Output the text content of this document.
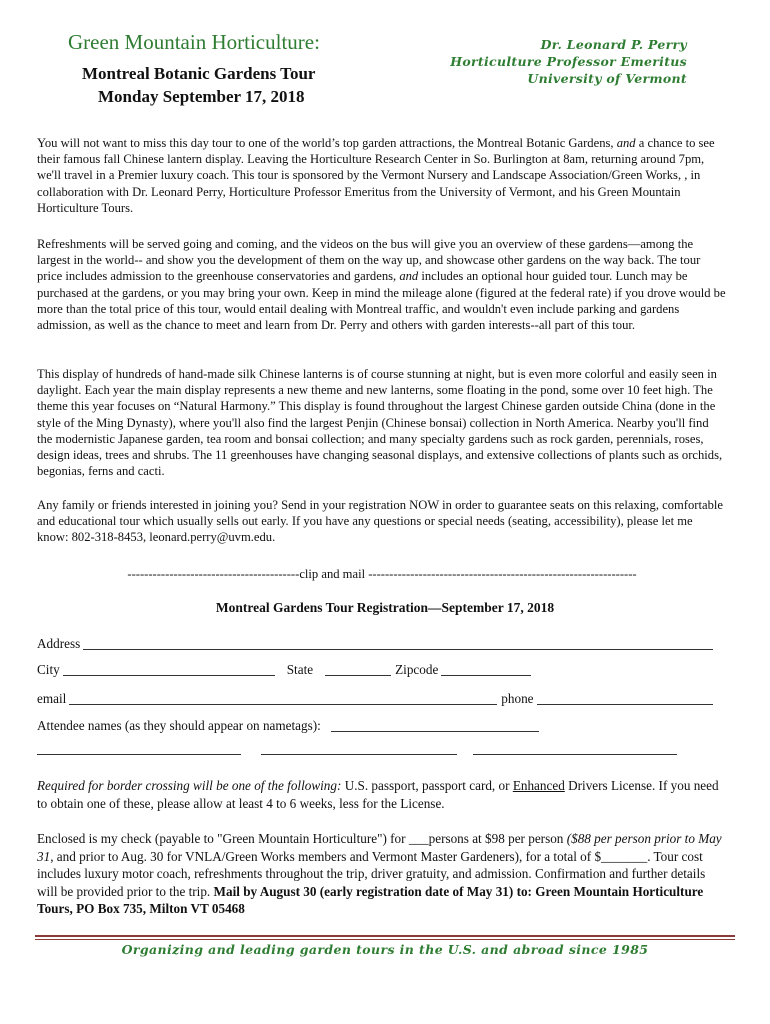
Green Mountain Horticulture:
Montreal Botanic Gardens Tour
Monday September 17, 2018
Dr. Leonard P. Perry
Horticulture Professor Emeritus
University of Vermont

You will not want to miss this day tour to one of the world’s top garden attractions, the Montreal Botanic Gardens, and a chance to see their famous fall Chinese lantern display. Leaving the Horticulture Research Center in So. Burlington at 8am, returning around 7pm, we'll travel in a Premier luxury coach. This tour is sponsored by the Vermont Nursery and Landscape Association/Green Works, , in collaboration with Dr. Leonard Perry, Horticulture Professor Emeritus from the University of Vermont, and his Green Mountain Horticulture Tours.

Refreshments will be served going and coming, and the videos on the bus will give you an overview of these gardens—among the largest in the world-- and show you the development of them on the way up, and showcase other gardens on the way back. The tour price includes admission to the greenhouse conservatories and gardens, and includes an optional hour guided tour. Lunch may be purchased at the gardens, or you may bring your own. Keep in mind the mileage alone (figured at the federal rate) if you drove would be more than the total price of this tour, would entail dealing with Montreal traffic, and wouldn't even include parking and gardens admission, as well as the chance to meet and learn from Dr. Perry and others with garden interests--all part of this tour.

This display of hundreds of hand-made silk Chinese lanterns is of course stunning at night, but is even more colorful and easily seen in daylight. Each year the main display represents a new theme and new lanterns, some floating in the pond, some over 10 feet high. The theme this year focuses on “Natural Harmony.” This display is found throughout the largest Chinese garden outside China (done in the style of the Ming Dynasty), where you'll also find the largest Penjin (Chinese bonsai) collection in North America. Nearby you'll find the modernistic Japanese garden, tea room and bonsai collection; and many specialty gardens such as rock garden, perennials, roses, design ideas, trees and shrubs. The 11 greenhouses have changing seasonal displays, and extensive collections of plants such as orchids, begonias, ferns and cacti.

Any family or friends interested in joining you? Send in your registration NOW in order to guarantee seats on this relaxing, comfortable and educational tour which usually sells out early. If you have any questions or special needs (seating, accessibility), please let me know: 802-318-8453, leonard.perry@uvm.edu.

-----------------------------------------clip and mail ----------------------------------------------------------------
Montreal Gardens Tour Registration—September 17, 2018
Address
City	State	Zipcode
email	phone
Attendee names (as they should appear on nametags):

Required for border crossing will be one of the following: U.S. passport, passport card, or Enhanced Drivers License. If you need to obtain one of these, please allow at least 4 to 6 weeks, less for the License.

Enclosed is my check (payable to "Green Mountain Horticulture") for ___persons at $98 per person ($88 per person prior to May 31, and prior to Aug. 30 for VNLA/Green Works members and Vermont Master Gardeners), for a total of $_______. Tour cost includes luxury motor coach, refreshments throughout the trip, driver gratuity, and admission. Confirmation and further details will be provided prior to the trip. Mail by August 30 (early registration date of May 31) to: Green Mountain Horticulture Tours, PO Box 735, Milton VT 05468

Organizing and leading garden tours in the U.S. and abroad since 1985
